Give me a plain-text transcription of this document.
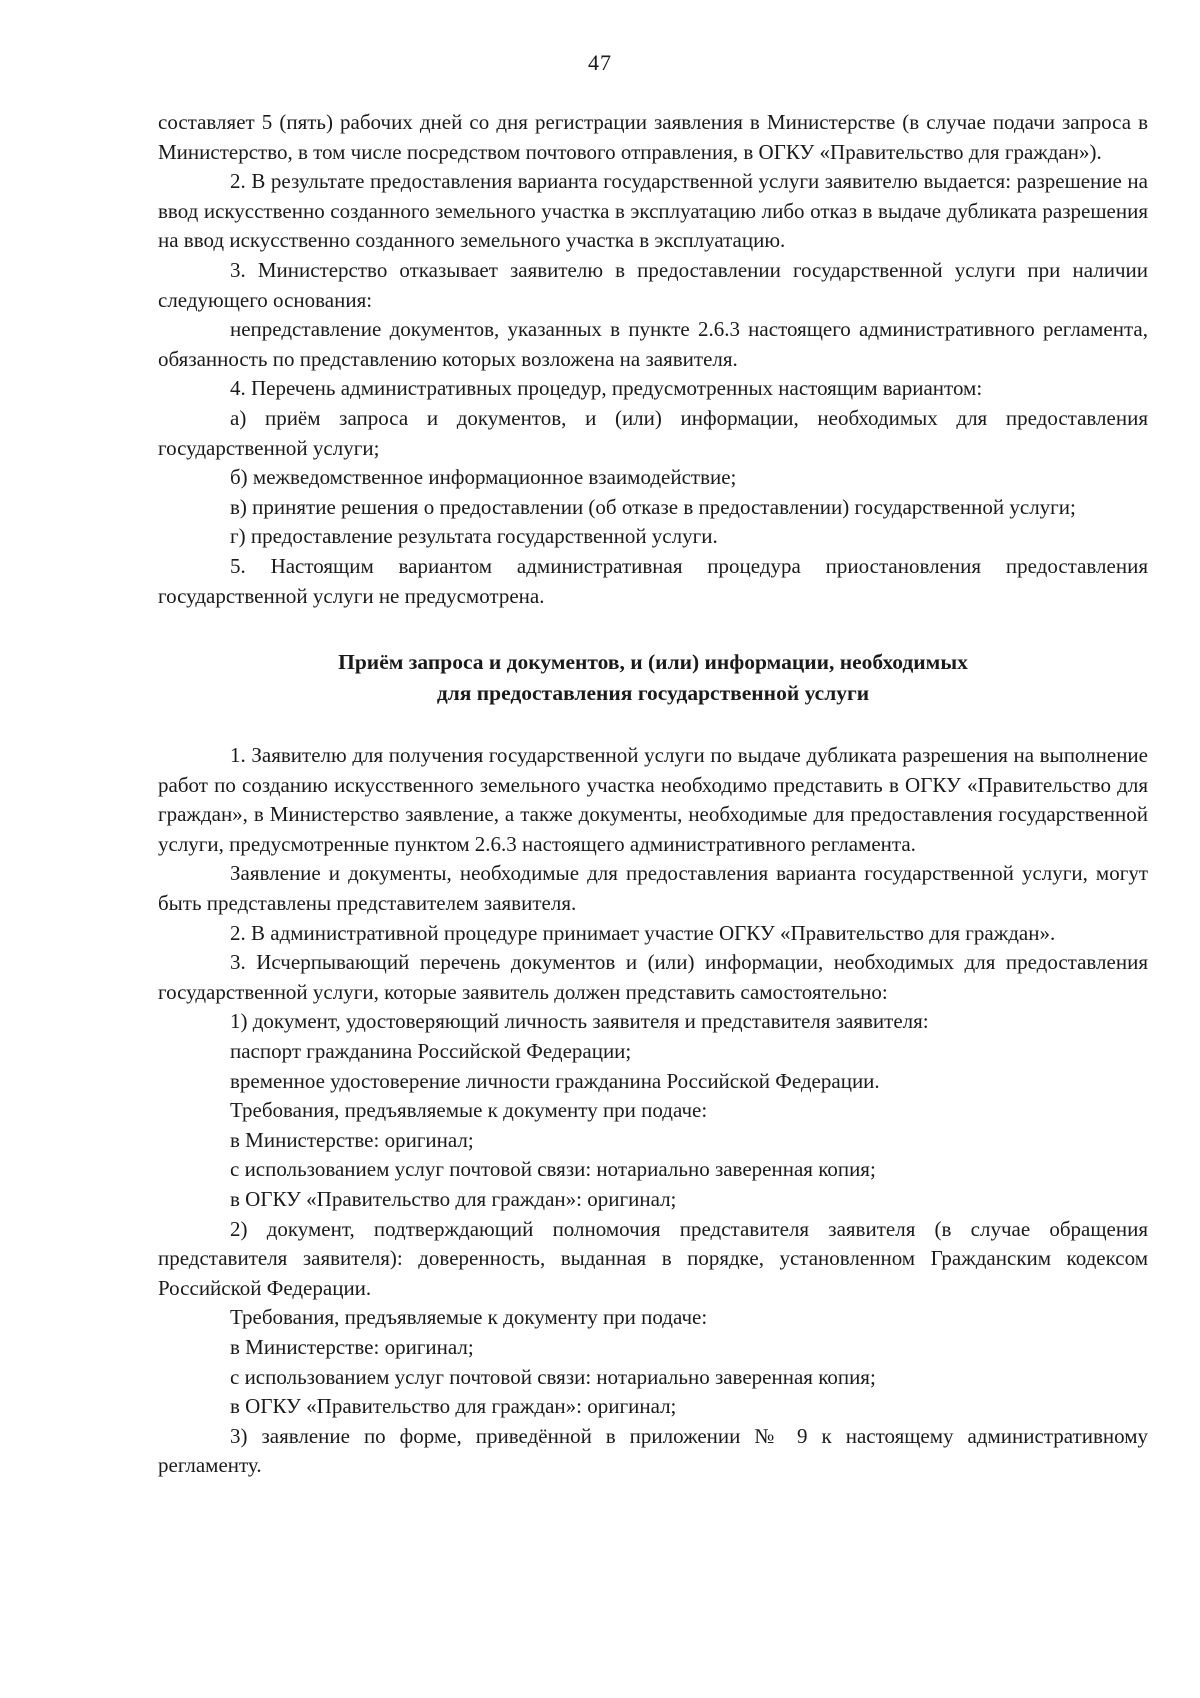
47

составляет 5 (пять) рабочих дней со дня регистрации заявления в Министерстве (в случае подачи запроса в Министерство, в том числе посредством почтового отправления, в ОГКУ «Правительство для граждан»).

2. В результате предоставления варианта государственной услуги заявителю выдается: разрешение на ввод искусственно созданного земельного участка в эксплуатацию либо отказ в выдаче дубликата разрешения на ввод искусственно созданного земельного участка в эксплуатацию.

3. Министерство отказывает заявителю в предоставлении государственной услуги при наличии следующего основания:

непредставление документов, указанных в пункте 2.6.3 настоящего административного регламента, обязанность по представлению которых возложена на заявителя.

4. Перечень административных процедур, предусмотренных настоящим вариантом:

а) приём запроса и документов, и (или) информации, необходимых для предоставления государственной услуги;

б) межведомственное информационное взаимодействие;

в) принятие решения о предоставлении (об отказе в предоставлении) государственной услуги;

г) предоставление результата государственной услуги.

5. Настоящим вариантом административная процедура приостановления предоставления государственной услуги не предусмотрена.

Приём запроса и документов, и (или) информации, необходимых
для предоставления государственной услуги

1. Заявителю для получения государственной услуги по выдаче дубликата разрешения на выполнение работ по созданию искусственного земельного участка необходимо представить в ОГКУ «Правительство для граждан», в Министерство заявление, а также документы, необходимые для предоставления государственной услуги, предусмотренные пунктом 2.6.3 настоящего административного регламента.

Заявление и документы, необходимые для предоставления варианта государственной услуги, могут быть представлены представителем заявителя.

2. В административной процедуре принимает участие ОГКУ «Правительство для граждан».

3. Исчерпывающий перечень документов и (или) информации, необходимых для предоставления государственной услуги, которые заявитель должен представить самостоятельно:

1) документ, удостоверяющий личность заявителя и представителя заявителя:

паспорт гражданина Российской Федерации;

временное удостоверение личности гражданина Российской Федерации.

Требования, предъявляемые к документу при подаче:

в Министерстве: оригинал;

с использованием услуг почтовой связи: нотариально заверенная копия;

в ОГКУ «Правительство для граждан»: оригинал;

2) документ, подтверждающий полномочия представителя заявителя (в случае обращения представителя заявителя): доверенность, выданная в порядке, установленном Гражданским кодексом Российской Федерации.

Требования, предъявляемые к документу при подаче:

в Министерстве: оригинал;

с использованием услуг почтовой связи: нотариально заверенная копия;

в ОГКУ «Правительство для граждан»: оригинал;

3) заявление по форме, приведённой в приложении № 9 к настоящему административному регламенту.
